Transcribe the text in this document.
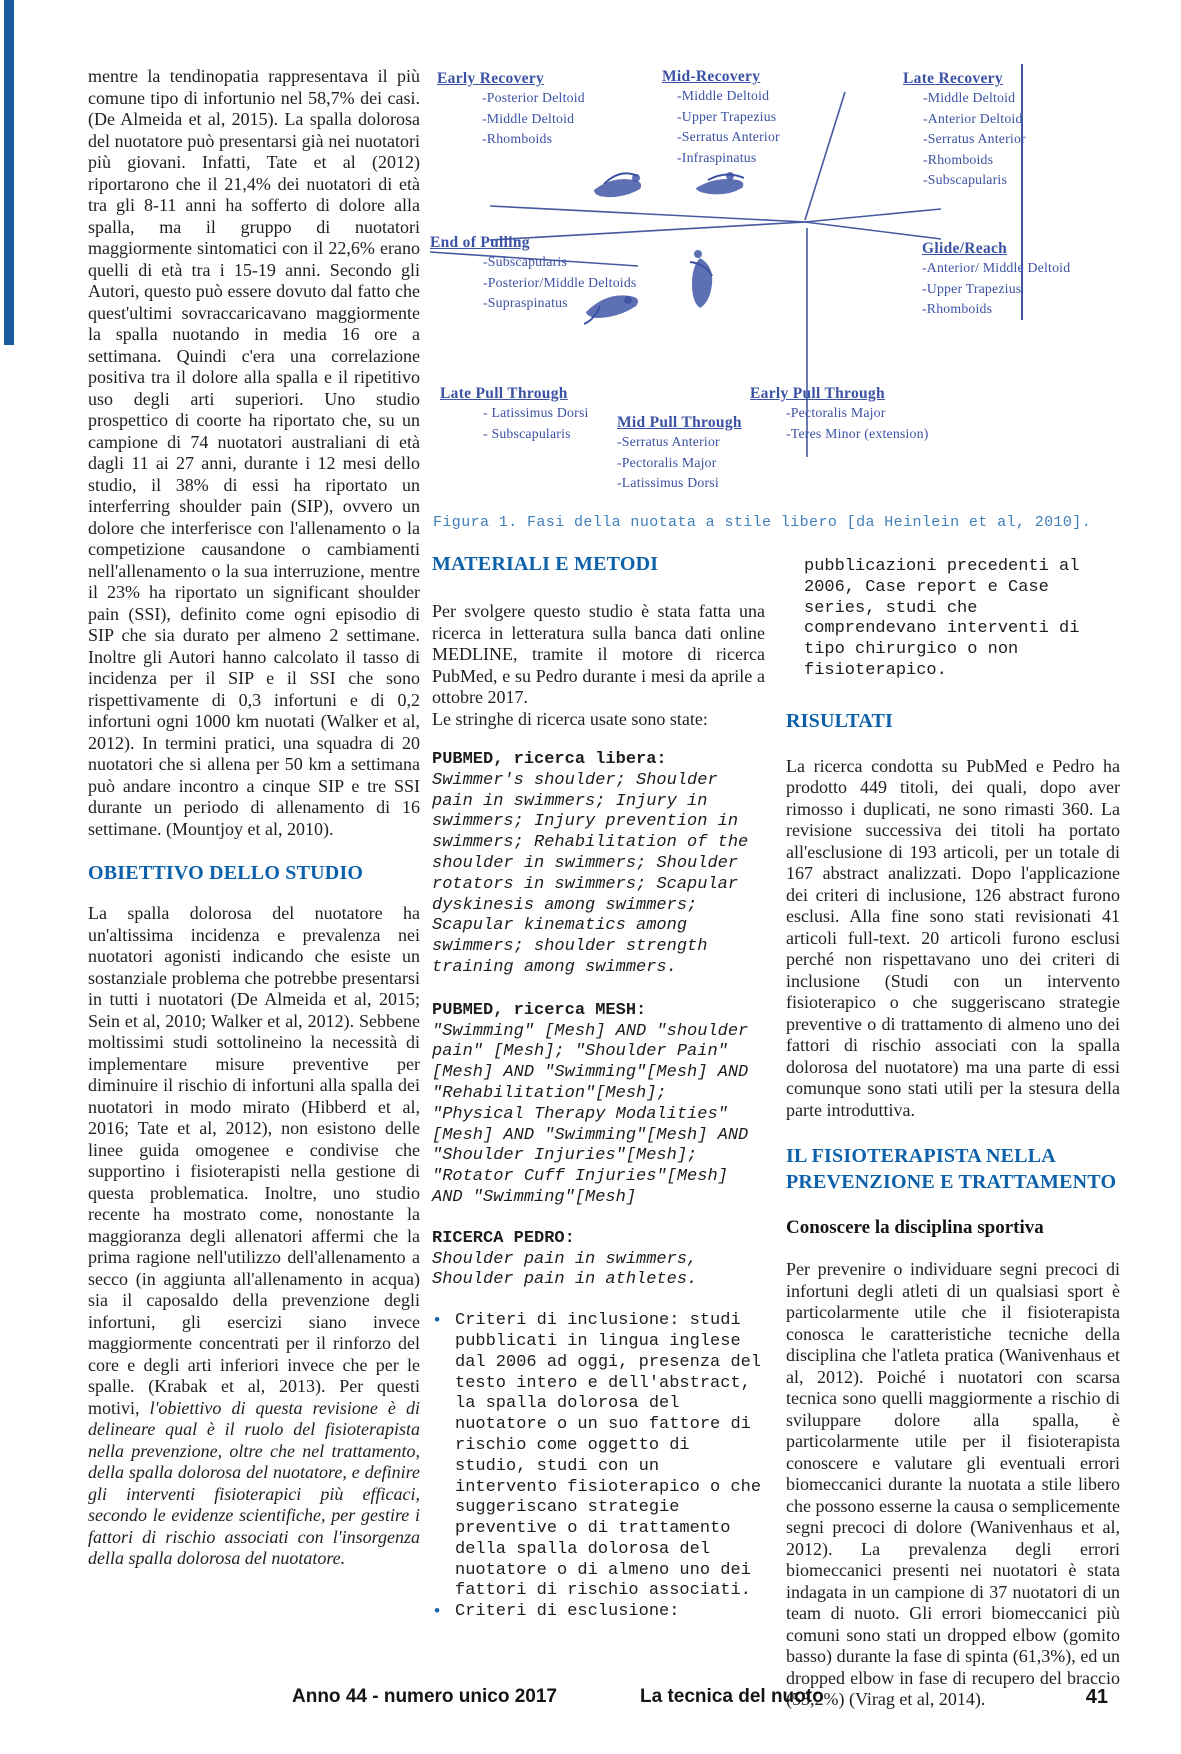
Early Recovery
-Posterior Deltoid
-Middle Deltoid
-Rhomboids
Mid-Recovery
-Middle Deltoid
-Upper Trapezius
-Serratus Anterior
-Infraspinatus
Late Recovery
-Middle Deltoid
-Anterior Deltoid
-Serratus Anterior
-Rhomboids
-Subscapularis
End of Pulling
-Subscapularis
-Posterior/Middle Deltoids
-Supraspinatus
Glide/Reach
-Anterior/ Middle Deltoid
-Upper Trapezius
-Rhomboids
Late Pull Through
- Latissimus Dorsi
- Subscapularis
Mid Pull Through
-Serratus Anterior
-Pectoralis Major
-Latissimus Dorsi
Early Pull Through
-Pectoralis Major
-Teres Minor (extension)
Figura 1. Fasi della nuotata a stile libero [da Heinlein et al, 2010].

mentre la tendinopatia rappresentava il più comune tipo di infortunio nel 58,7% dei casi. (De Almeida et al, 2015). La spalla dolorosa del nuotatore può presentarsi già nei nuotatori più giovani. Infatti, Tate et al (2012) riportarono che il 21,4% dei nuotatori di età tra gli 8-11 anni ha sofferto di dolore alla spalla, ma il gruppo di nuotatori maggiormente sintomatici con il 22,6% erano quelli di età tra i 15-19 anni. Secondo gli Autori, questo può essere dovuto dal fatto che quest'ultimi sovraccaricavano maggiormente la spalla nuotando in media 16 ore a settimana. Quindi c'era una correlazione positiva tra il dolore alla spalla e il ripetitivo uso degli arti superiori. Uno studio prospettico di coorte ha riportato che, su un campione di 74 nuotatori australiani di età dagli 11 ai 27 anni, durante i 12 mesi dello studio, il 38% di essi ha riportato un interferring shoulder pain (SIP), ovvero un dolore che interferisce con l'allenamento o la competizione causandone o cambiamenti nell'allenamento o la sua interruzione, mentre il 23% ha riportato un significant shoulder pain (SSI), definito come ogni episodio di SIP che sia durato per almeno 2 settimane. Inoltre gli Autori hanno calcolato il tasso di incidenza per il SIP e il SSI che sono rispettivamente di 0,3 infortuni e di 0,2 infortuni ogni 1000 km nuotati (Walker et al, 2012). In termini pratici, una squadra di 20 nuotatori che si allena per 50 km a settimana può andare incontro a cinque SIP e tre SSI durante un periodo di allenamento di 16 settimane. (Mountjoy et al, 2010).

OBIETTIVO DELLO STUDIO

La spalla dolorosa del nuotatore ha un'altissima incidenza e prevalenza nei nuotatori agonisti indicando che esiste un sostanziale problema che potrebbe presentarsi in tutti i nuotatori (De Almeida et al, 2015; Sein et al, 2010; Walker et al, 2012). Sebbene moltissimi studi sottolineino la necessità di implementare misure preventive per diminuire il rischio di infortuni alla spalla dei nuotatori in modo mirato (Hibberd et al, 2016; Tate et al, 2012), non esistono delle linee guida omogenee e condivise che supportino i fisioterapisti nella gestione di questa problematica. Inoltre, uno studio recente ha mostrato come, nonostante la maggioranza degli allenatori affermi che la prima ragione nell'utilizzo dell'allenamento a secco (in aggiunta all'allenamento in acqua) sia il caposaldo della prevenzione degli infortuni, gli esercizi siano invece maggiormente concentrati per il rinforzo del core e degli arti inferiori invece che per le spalle. (Krabak et al, 2013). Per questi motivi, l'obiettivo di questa revisione è di delineare qual è il ruolo del fisioterapista nella prevenzione, oltre che nel trattamento, della spalla dolorosa del nuotatore, e definire gli interventi fisioterapici più efficaci, secondo le evidenze scientifiche, per gestire i fattori di rischio associati con l'insorgenza della spalla dolorosa del nuotatore.

MATERIALI E METODI

Per svolgere questo studio è stata fatta una ricerca in letteratura sulla banca dati online MEDLINE, tramite il motore di ricerca PubMed, e su Pedro durante i mesi da aprile a ottobre 2017.

Le stringhe di ricerca usate sono state:

PUBMED, ricerca libera:

Swimmer's shoulder; Shoulder pain in swimmers; Injury in swimmers; Injury prevention in swimmers; Rehabilitation of the shoulder in swimmers; Shoulder rotators in swimmers; Scapular dyskinesis among swimmers; Scapular kinematics among swimmers; shoulder strength training among swimmers.

PUBMED, ricerca MESH:

"Swimming" [Mesh] AND "shoulder pain" [Mesh]; "Shoulder Pain"[Mesh] AND "Swimming"[Mesh] AND "Rehabilitation"[Mesh]; "Physical Therapy Modalities"[Mesh] AND "Swimming"[Mesh] AND "Shoulder Injuries"[Mesh]; "Rotator Cuff Injuries"[Mesh] AND "Swimming"[Mesh]

RICERCA PEDRO:

Shoulder pain in swimmers, Shoulder pain in athletes.

• Criteri di inclusione: studi pubblicati in lingua inglese dal 2006 ad oggi, presenza del testo intero e dell'abstract, la spalla dolorosa del nuotatore o un suo fattore di rischio come oggetto di studio, studi con un intervento fisioterapico o che suggeriscano strategie preventive o di trattamento della spalla dolorosa del nuotatore o di almeno uno dei fattori di rischio associati.
• Criteri di esclusione:

pubblicazioni precedenti al 2006, Case report e Case series, studi che comprendevano interventi di tipo chirurgico o non fisioterapico.

RISULTATI

La ricerca condotta su PubMed e Pedro ha prodotto 449 titoli, dei quali, dopo aver rimosso i duplicati, ne sono rimasti 360. La revisione successiva dei titoli ha portato all'esclusione di 193 articoli, per un totale di 167 abstract analizzati. Dopo l'applicazione dei criteri di inclusione, 126 abstract furono esclusi. Alla fine sono stati revisionati 41 articoli full-text. 20 articoli furono esclusi perché non rispettavano uno dei criteri di inclusione (Studi con un intervento fisioterapico o che suggeriscano strategie preventive o di trattamento di almeno uno dei fattori di rischio associati con la spalla dolorosa del nuotatore) ma una parte di essi comunque sono stati utili per la stesura della parte introduttiva.

IL FISIOTERAPISTA NELLA PREVENZIONE E TRATTAMENTO
Conoscere la disciplina sportiva

Per prevenire o individuare segni precoci di infortuni degli atleti di un qualsiasi sport è particolarmente utile che il fisioterapista conosca le caratteristiche tecniche della disciplina che l'atleta pratica (Wanivenhaus et al, 2012). Poiché i nuotatori con scarsa tecnica sono quelli maggiormente a rischio di sviluppare dolore alla spalla, è particolarmente utile per il fisioterapista conoscere e valutare gli eventuali errori biomeccanici durante la nuotata a stile libero che possono esserne la causa o semplicemente segni precoci di dolore (Wanivenhaus et al, 2012). La prevalenza degli errori biomeccanici presenti nei nuotatori è stata indagata in un campione di 37 nuotatori di un team di nuoto. Gli errori biomeccanici più comuni sono stati un dropped elbow (gomito basso) durante la fase di spinta (61,3%), ed un dropped elbow in fase di recupero del braccio (53,2%) (Virag et al, 2014).

Anno 44 - numero unico 2017	La tecnica del nuoto	41
